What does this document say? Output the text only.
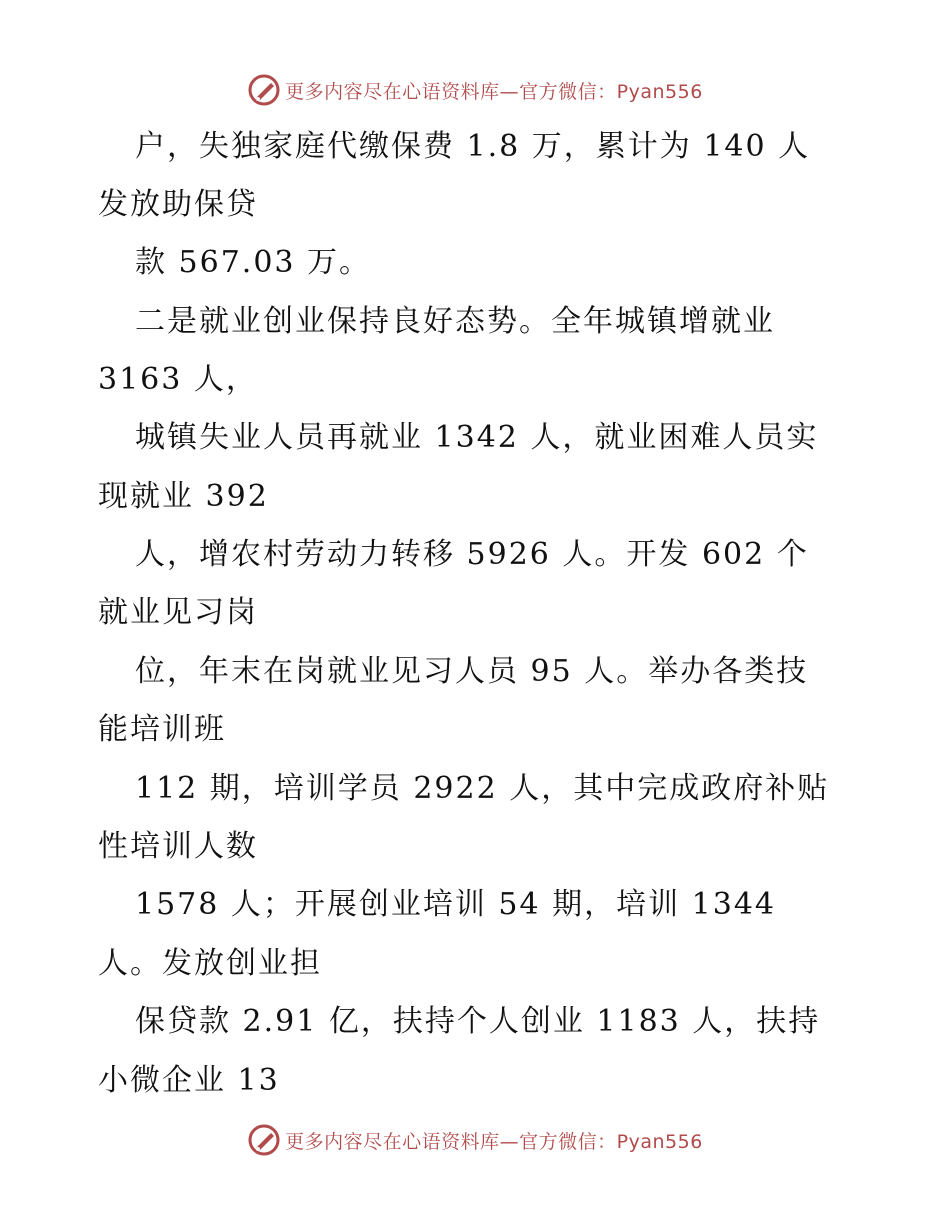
更多内容尽在心语资料库—官方微信：Pyan556
户，失独家庭代缴保费 1.8 万，累计为 140 人
发放助保贷
款 567.03 万。
二是就业创业保持良好态势。全年城镇增就业
3163 人，
城镇失业人员再就业 1342 人，就业困难人员实
现就业 392
人，增农村劳动力转移 5926 人。开发 602 个
就业见习岗
位，年末在岗就业见习人员 95 人。举办各类技
能培训班
112 期，培训学员 2922 人，其中完成政府补贴
性培训人数
1578 人；开展创业培训 54 期，培训 1344
人。发放创业担
保贷款 2.91 亿，扶持个人创业 1183 人，扶持
小微企业 13
更多内容尽在心语资料库—官方微信：Pyan556
